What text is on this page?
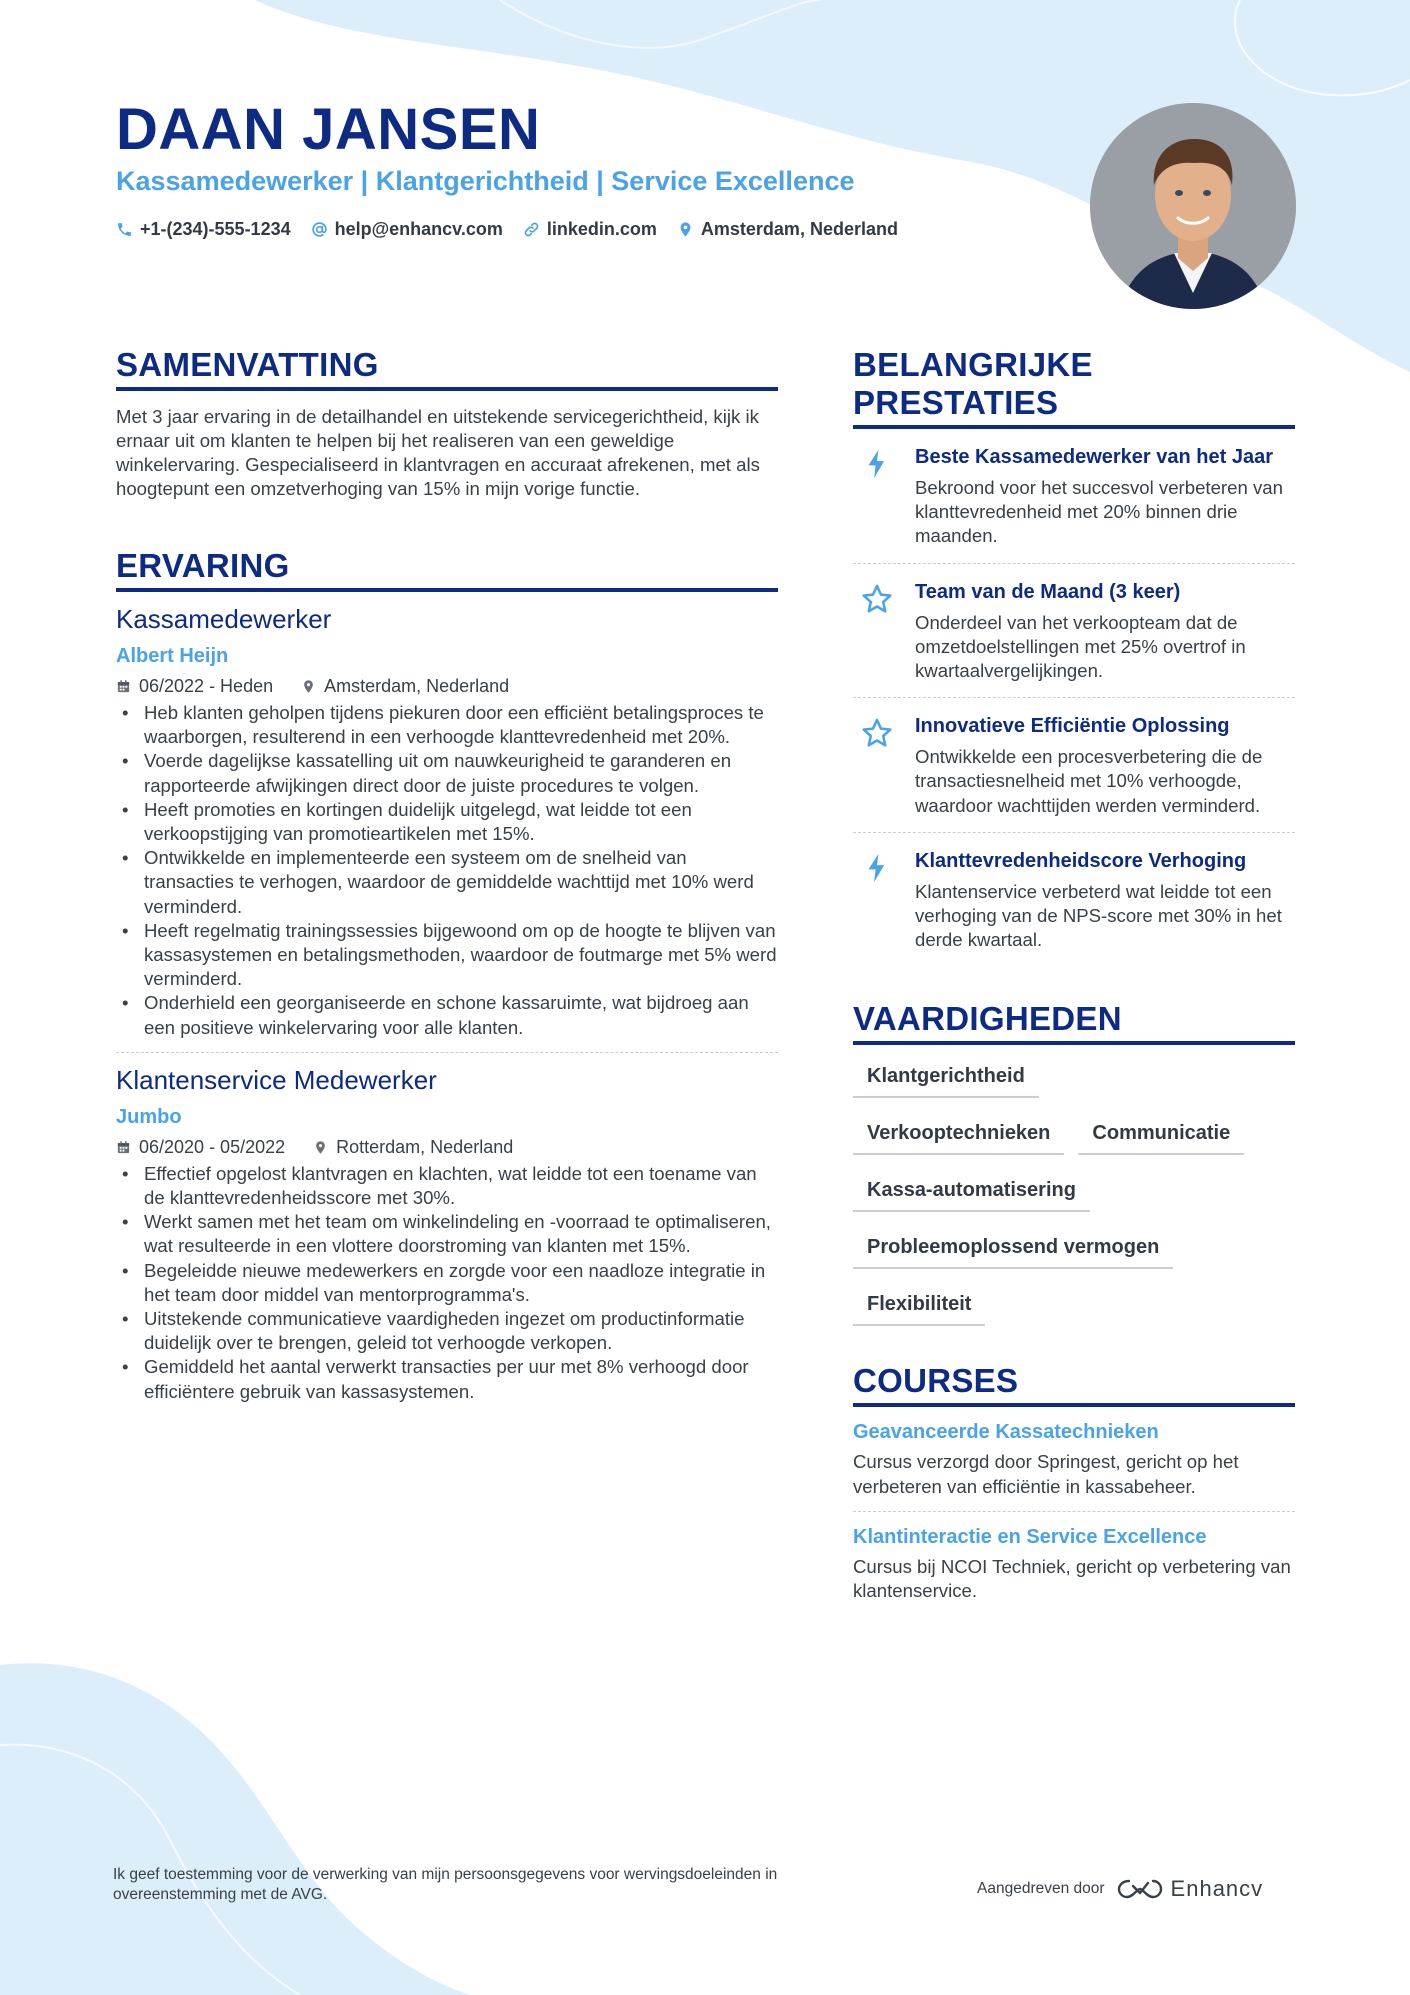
DAAN JANSEN
Kassamedewerker | Klantgerichtheid | Service Excellence
+1-(234)-555-1234 help@enhancv.com linkedin.com Amsterdam, Nederland
SAMENVATTING
Met 3 jaar ervaring in de detailhandel en uitstekende servicegerichtheid, kijk ik ernaar uit om klanten te helpen bij het realiseren van een geweldige winkelervaring. Gespecialiseerd in klantvragen en accuraat afrekenen, met als hoogtepunt een omzetverhoging van 15% in mijn vorige functie.
ERVARING
Kassamedewerker
Albert Heijn
06/2022 - Heden	Amsterdam, Nederland
• Heb klanten geholpen tijdens piekuren door een efficiënt betalingsproces te waarborgen, resulterend in een verhoogde klanttevredenheid met 20%.
• Voerde dagelijkse kassatelling uit om nauwkeurigheid te garanderen en rapporteerde afwijkingen direct door de juiste procedures te volgen.
• Heeft promoties en kortingen duidelijk uitgelegd, wat leidde tot een verkoopstijging van promotieartikelen met 15%.
• Ontwikkelde en implementeerde een systeem om de snelheid van transacties te verhogen, waardoor de gemiddelde wachttijd met 10% werd verminderd.
• Heeft regelmatig trainingssessies bijgewoond om op de hoogte te blijven van kassasystemen en betalingsmethoden, waardoor de foutmarge met 5% werd verminderd.
• Onderhield een georganiseerde en schone kassaruimte, wat bijdroeg aan een positieve winkelervaring voor alle klanten.
Klantenservice Medewerker
Jumbo
06/2020 - 05/2022	Rotterdam, Nederland
• Effectief opgelost klantvragen en klachten, wat leidde tot een toename van de klanttevredenheidsscore met 30%.
• Werkt samen met het team om winkelindeling en -voorraad te optimaliseren, wat resulteerde in een vlottere doorstroming van klanten met 15%.
• Begeleidde nieuwe medewerkers en zorgde voor een naadloze integratie in het team door middel van mentorprogramma's.
• Uitstekende communicatieve vaardigheden ingezet om productinformatie duidelijk over te brengen, geleid tot verhoogde verkopen.
• Gemiddeld het aantal verwerkt transacties per uur met 8% verhoogd door efficiëntere gebruik van kassasystemen.
BELANGRIJKE PRESTATIES
Beste Kassamedewerker van het Jaar
Bekroond voor het succesvol verbeteren van klanttevredenheid met 20% binnen drie maanden.
Team van de Maand (3 keer)
Onderdeel van het verkoopteam dat de omzetdoelstellingen met 25% overtrof in kwartaalvergelijkingen.
Innovatieve Efficiëntie Oplossing
Ontwikkelde een procesverbetering die de transactiesnelheid met 10% verhoogde, waardoor wachttijden werden verminderd.
Klanttevredenheidscore Verhoging
Klantenservice verbeterd wat leidde tot een verhoging van de NPS-score met 30% in het derde kwartaal.
VAARDIGHEDEN
Klantgerichtheid
Verkooptechnieken	Communicatie
Kassa-automatisering
Probleemoplossend vermogen
Flexibiliteit
COURSES
Geavanceerde Kassatechnieken
Cursus verzorgd door Springest, gericht op het verbeteren van efficiëntie in kassabeheer.
Klantinteractie en Service Excellence
Cursus bij NCOI Techniek, gericht op verbetering van klantenservice.
Ik geef toestemming voor de verwerking van mijn persoonsgegevens voor wervingsdoeleinden in overeenstemming met de AVG.	Aangedreven door	Enhancv
